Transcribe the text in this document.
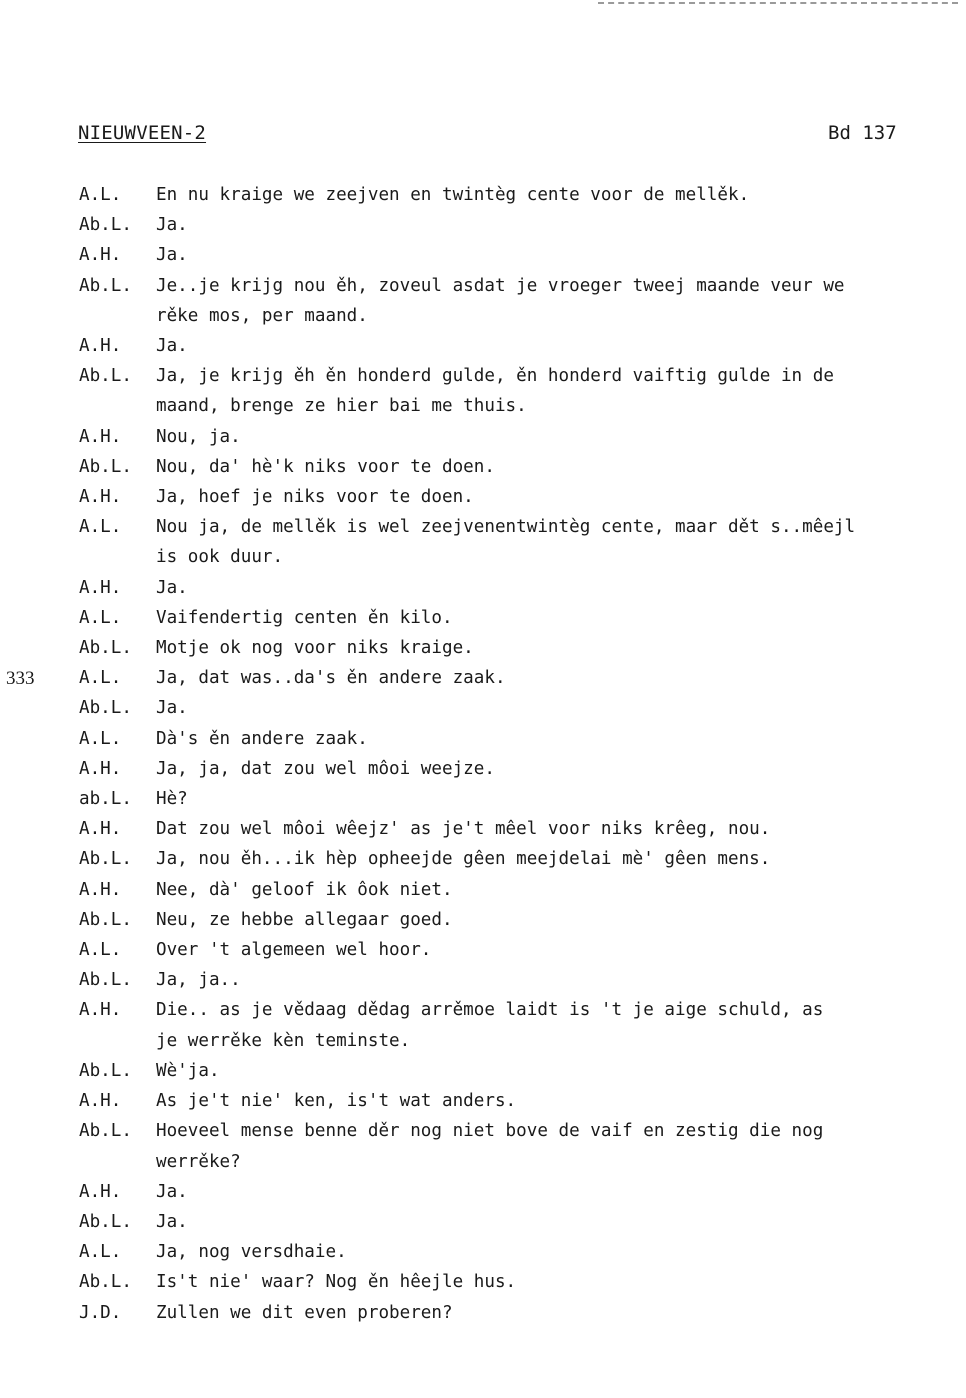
NIEUWVEEN-2	Bd 137
333
A.L.	En nu kraige we zeejven en twintèg cente voor de mellěk.
Ab.L.	Ja.
A.H.	Ja.
Ab.L.	Je..je krijg nou ěh, zoveul asdat je vroeger tweej maande veur we
rěke mos, per maand.
A.H.	Ja.
Ab.L.	Ja, je krijg ěh ěn honderd gulde, ěn honderd vaiftig gulde in de
maand, brenge ze hier bai me thuis.
A.H.	Nou, ja.
Ab.L.	Nou, da' hè'k niks voor te doen.
A.H.	Ja, hoef je niks voor te doen.
A.L.	Nou ja, de mellěk is wel zeejvenentwintèg cente, maar dět s..mêejl
is ook duur.
A.H.	Ja.
A.L.	Vaifendertig centen ěn kilo.
Ab.L.	Motje ok nog voor niks kraige.
A.L.	Ja, dat was..da's ěn andere zaak.
Ab.L.	Ja.
A.L.	Dà's ěn andere zaak.
A.H.	Ja, ja, dat zou wel môoi weejze.
ab.L.	Hè?
A.H.	Dat zou wel môoi wêejz' as je't mêel voor niks krêeg, nou.
Ab.L.	Ja, nou ěh...ik hèp opheejde gêen meejdelai mè' gêen mens.
A.H.	Nee, dà' geloof ik ôok niet.
Ab.L.	Neu, ze hebbe allegaar goed.
A.L.	Over 't algemeen wel hoor.
Ab.L.	Ja, ja..
A.H.	Die.. as je vědaag dědag arrěmoe laidt is 't je aige schuld, as
je werrěke kèn teminste.
Ab.L.	Wè'ja.
A.H.	As je't nie' ken, is't wat anders.
Ab.L.	Hoeveel mense benne děr nog niet bove de vaif en zestig die nog
werrěke?
A.H.	Ja.
Ab.L.	Ja.
A.L.	Ja, nog versdhaie.
Ab.L.	Is't nie' waar? Nog ěn hêejle hus.
J.D.	Zullen we dit even proberen?
